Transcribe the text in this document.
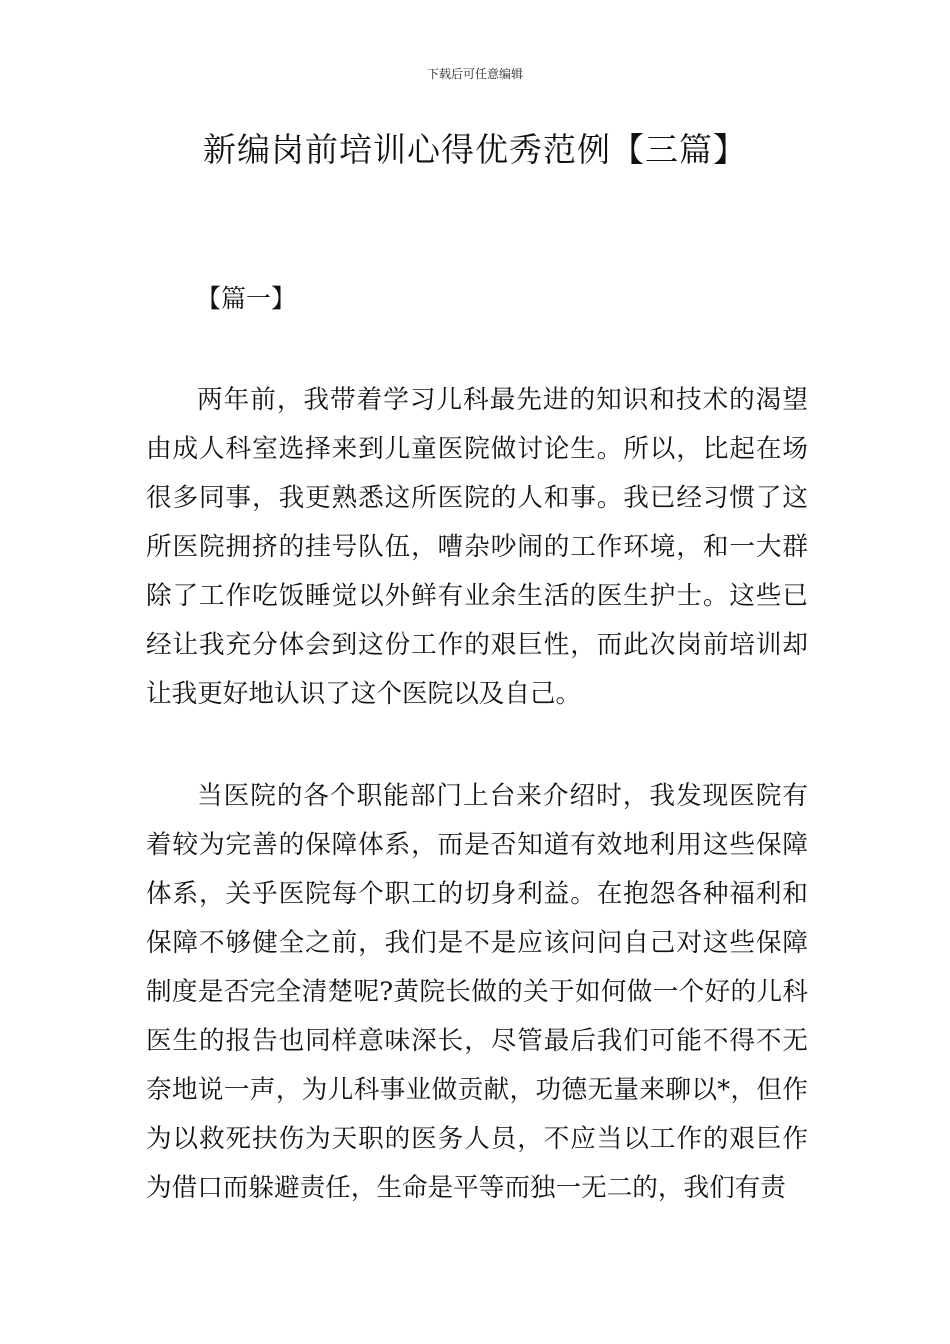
下载后可任意编辑
新编岗前培训心得优秀范例【三篇】
【篇一】

两年前，我带着学习儿科最先进的知识和技术的渴望由成人科室选择来到儿童医院做讨论生。所以，比起在场很多同事，我更熟悉这所医院的人和事。我已经习惯了这所医院拥挤的挂号队伍，嘈杂吵闹的工作环境，和一大群除了工作吃饭睡觉以外鲜有业余生活的医生护士。这些已经让我充分体会到这份工作的艰巨性，而此次岗前培训却让我更好地认识了这个医院以及自己。

当医院的各个职能部门上台来介绍时，我发现医院有着较为完善的保障体系，而是否知道有效地利用这些保障体系，关乎医院每个职工的切身利益。在抱怨各种福利和保障不够健全之前，我们是不是应该问问自己对这些保障制度是否完全清楚呢?黄院长做的关于如何做一个好的儿科医生的报告也同样意味深长，尽管最后我们可能不得不无奈地说一声，为儿科事业做贡献，功德无量来聊以*，但作为以救死扶伤为天职的医务人员，不应当以工作的艰巨作为借口而躲避责任，生命是平等而独一无二的，我们有责
